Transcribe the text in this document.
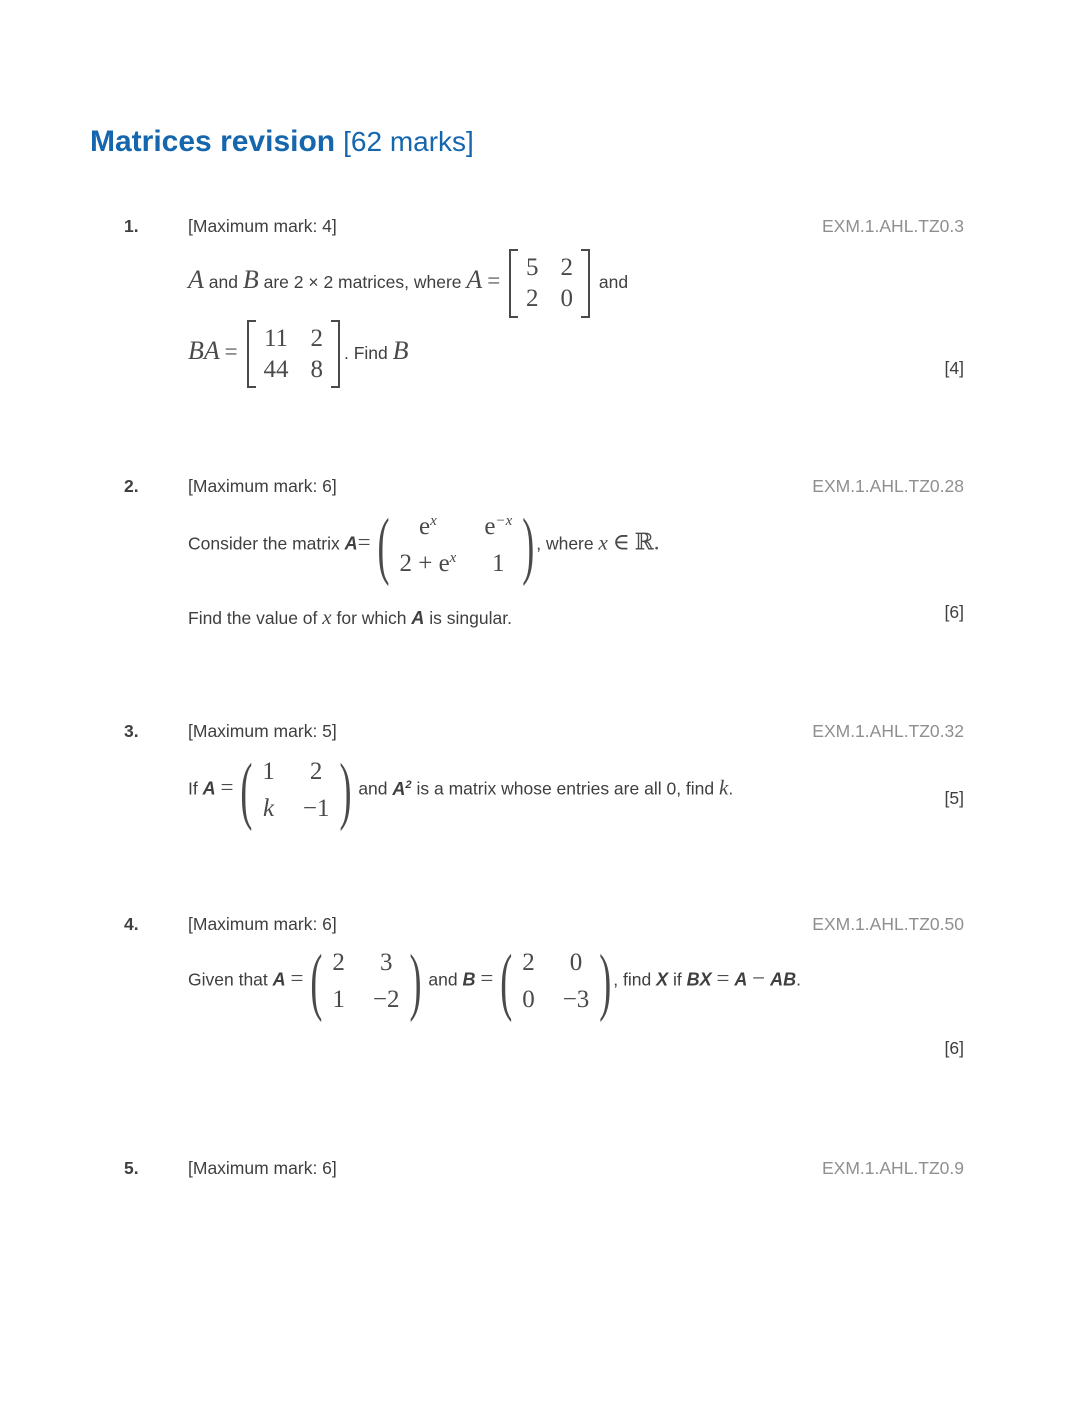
Matrices revision [62 marks]
1.	[Maximum mark: 4]	EXM.1.AHL.TZ0.3
A and B are 2 × 2 matrices, where A = 5 2
2 0
and
BA = 11 2
44 8
. Find B
[4]
2.	[Maximum mark: 6]	EXM.1.AHL.TZ0.28
Consider the matrix A= ( $e^x$ $e^{-x}$
$2 + e^x$ 1 ) , where x ∈ ℝ.
Find the value of x for which A is singular.	[6]
3.	[Maximum mark: 5]	EXM.1.AHL.TZ0.32
If A = ( 1 2
k −1 ) and $A^2$ is a matrix whose entries are all 0, find k.	[5]
4.	[Maximum mark: 6]	EXM.1.AHL.TZ0.50
Given that A = ( 2 3
1 −2 ) and B = ( 2 0
0 −3 ) , find X if BX = A − AB.
[6]
5.	[Maximum mark: 6]	EXM.1.AHL.TZ0.9
